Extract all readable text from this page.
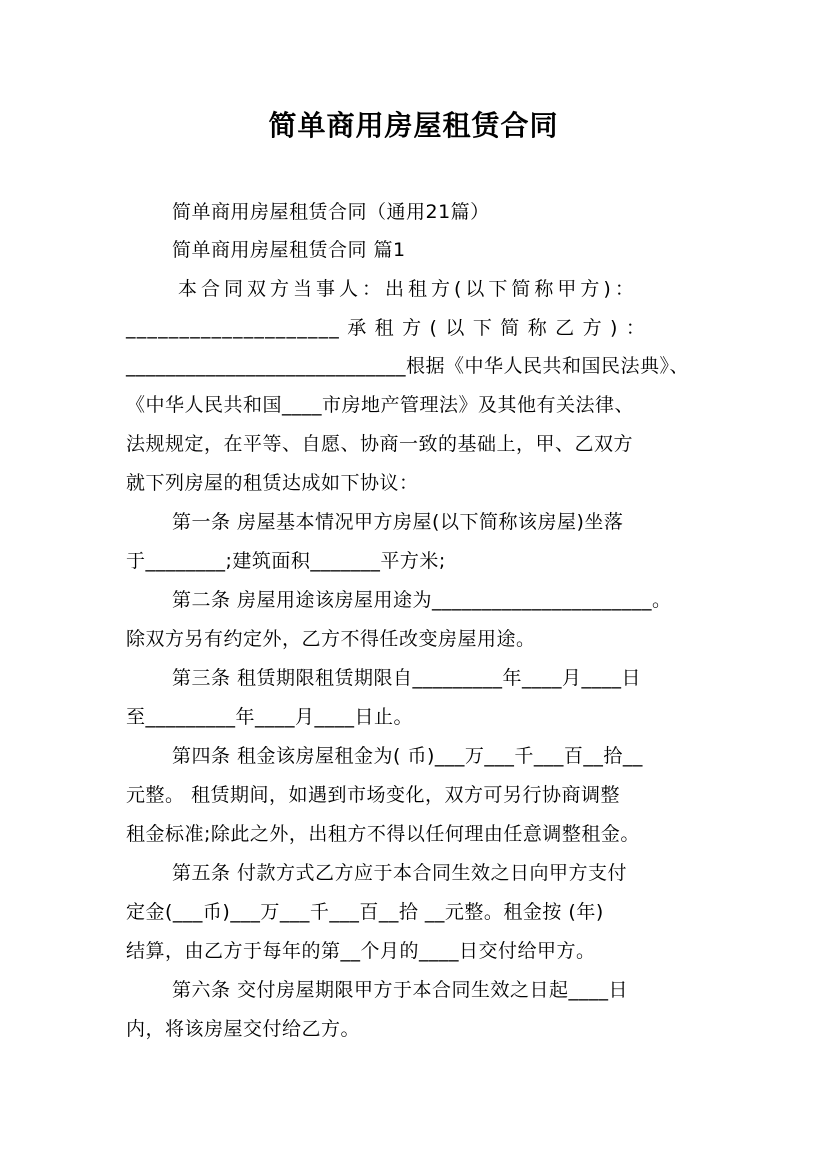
简单商用房屋租赁合同
简单商用房屋租赁合同（通用21篇）
简单商用房屋租赁合同 篇1
本合同双方当事人：出租方(以下简称甲方)：
____________________ 承 租 方 ( 以 下 简 称 乙 方 ) ：
____________________________根据《中华人民共和国民法典》、
《中华人民共和国____市房地产管理法》及其他有关法律、
法规规定，在平等、自愿、协商一致的基础上，甲、乙双方
就下列房屋的租赁达成如下协议：
第一条 房屋基本情况甲方房屋(以下简称该房屋)坐落
于________;建筑面积_______平方米;
第二条 房屋用途该房屋用途为______________________。
除双方另有约定外，乙方不得任改变房屋用途。
第三条 租赁期限租赁期限自_________年____月____日
至_________年____月____日止。
第四条 租金该房屋租金为( 币)___万___千___百__拾__
元整。 租赁期间，如遇到市场变化，双方可另行协商调整
租金标准;除此之外，出租方不得以任何理由任意调整租金。
第五条 付款方式乙方应于本合同生效之日向甲方支付
定金(___币)___万___千___百__拾 __元整。租金按 (年)
结算，由乙方于每年的第__个月的____日交付给甲方。
第六条 交付房屋期限甲方于本合同生效之日起____日
内，将该房屋交付给乙方。
